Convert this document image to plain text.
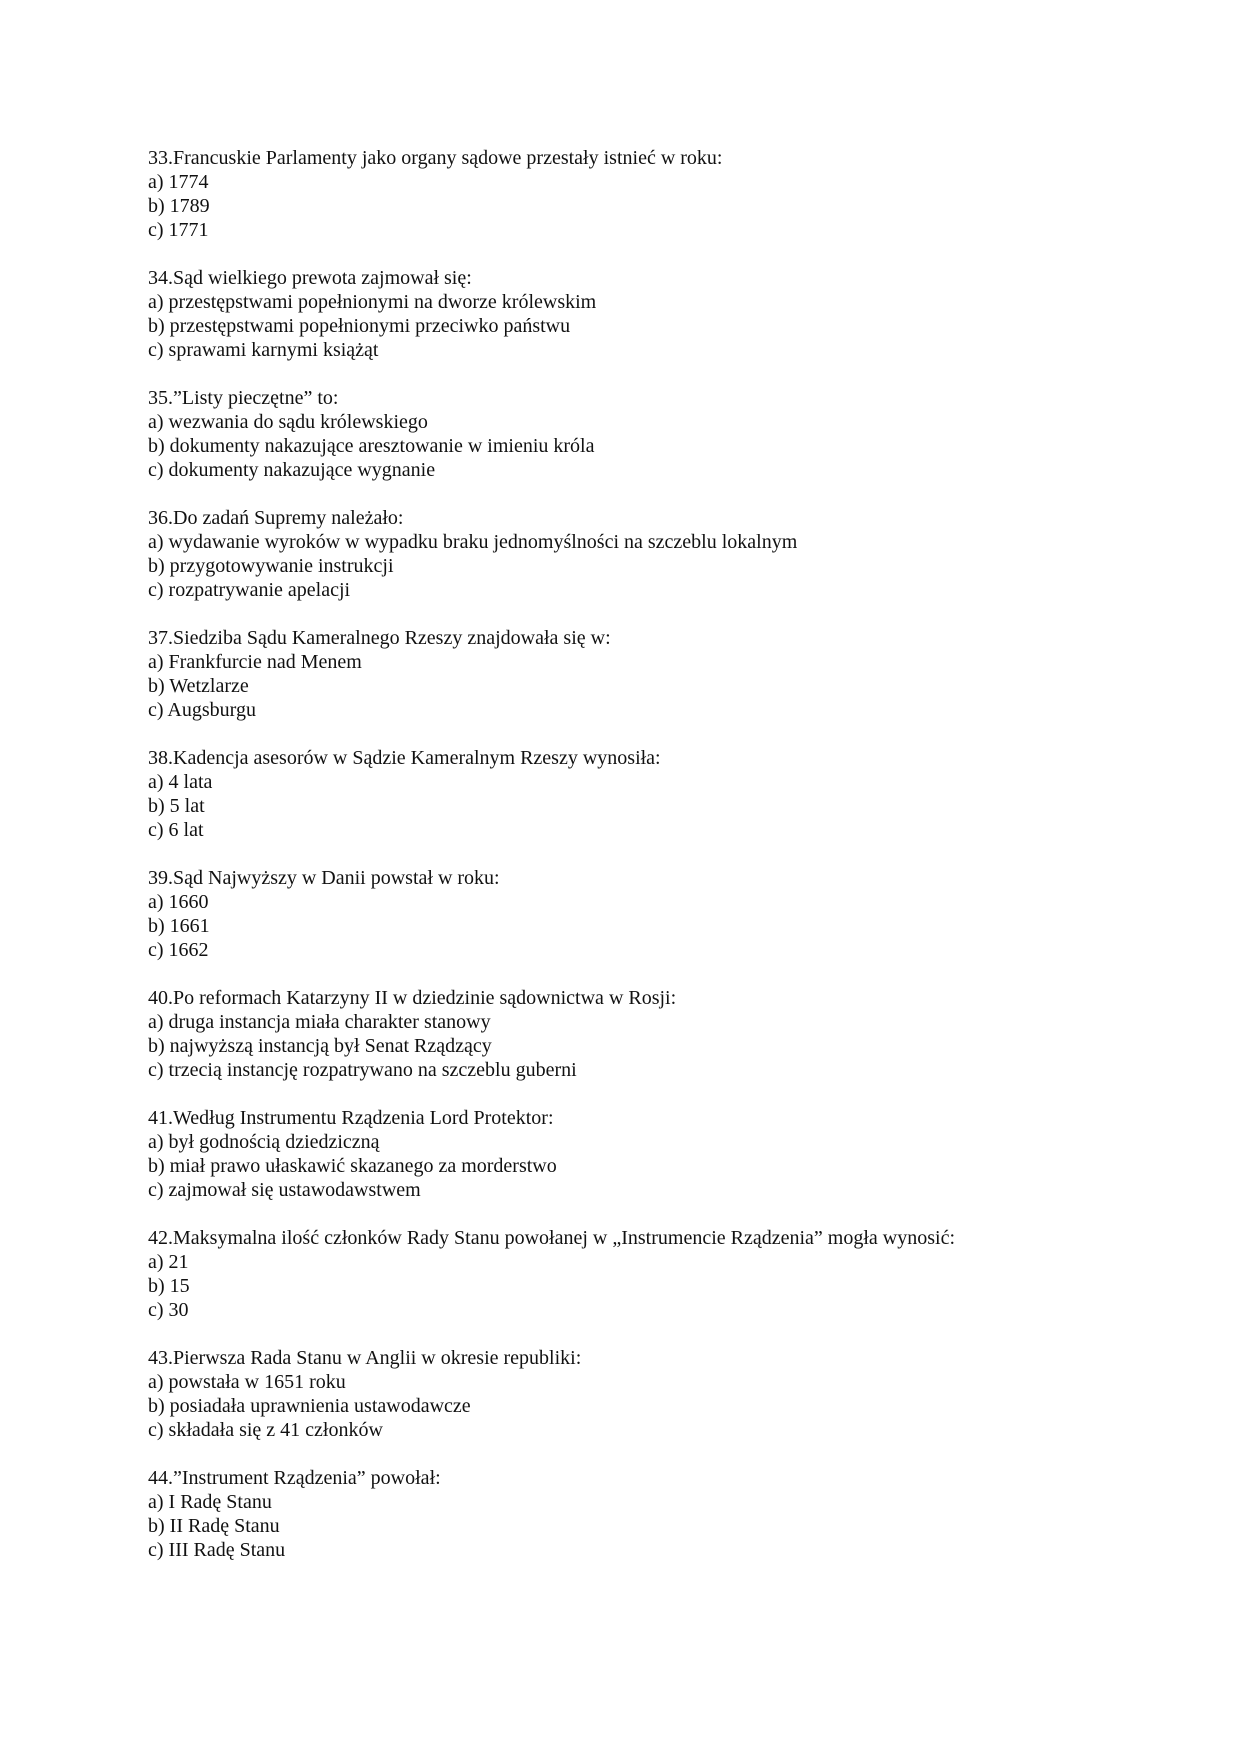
33.Francuskie Parlamenty jako organy sądowe przestały istnieć w roku:
a) 1774
b) 1789
c) 1771
34.Sąd wielkiego prewota zajmował się:
a) przestępstwami popełnionymi na dworze królewskim
b) przestępstwami popełnionymi przeciwko państwu
c) sprawami karnymi książąt
35.”Listy pieczętne” to:
a) wezwania do sądu królewskiego
b) dokumenty nakazujące aresztowanie w imieniu króla
c) dokumenty nakazujące wygnanie
36.Do zadań Supremy należało:
a) wydawanie wyroków w wypadku braku jednomyślności na szczeblu lokalnym
b) przygotowywanie instrukcji
c) rozpatrywanie apelacji
37.Siedziba Sądu Kameralnego Rzeszy znajdowała się w:
a) Frankfurcie nad Menem
b) Wetzlarze
c) Augsburgu
38.Kadencja asesorów w Sądzie Kameralnym Rzeszy wynosiła:
a) 4 lata
b) 5 lat
c) 6 lat
39.Sąd Najwyższy w Danii powstał w roku:
a) 1660
b) 1661
c) 1662
40.Po reformach Katarzyny II w dziedzinie sądownictwa w Rosji:
a) druga instancja miała charakter stanowy
b) najwyższą instancją był Senat Rządzący
c) trzecią instancję rozpatrywano na szczeblu guberni
41.Według Instrumentu Rządzenia Lord Protektor:
a) był godnością dziedziczną
b) miał prawo ułaskawić skazanego za morderstwo
c) zajmował się ustawodawstwem
42.Maksymalna ilość członków Rady Stanu powołanej w „Instrumencie Rządzenia” mogła wynosić:
a) 21
b) 15
c) 30
43.Pierwsza Rada Stanu w Anglii w okresie republiki:
a) powstała w 1651 roku
b) posiadała uprawnienia ustawodawcze
c) składała się z 41 członków
44.”Instrument Rządzenia” powołał:
a) I Radę Stanu
b) II Radę Stanu
c) III Radę Stanu
